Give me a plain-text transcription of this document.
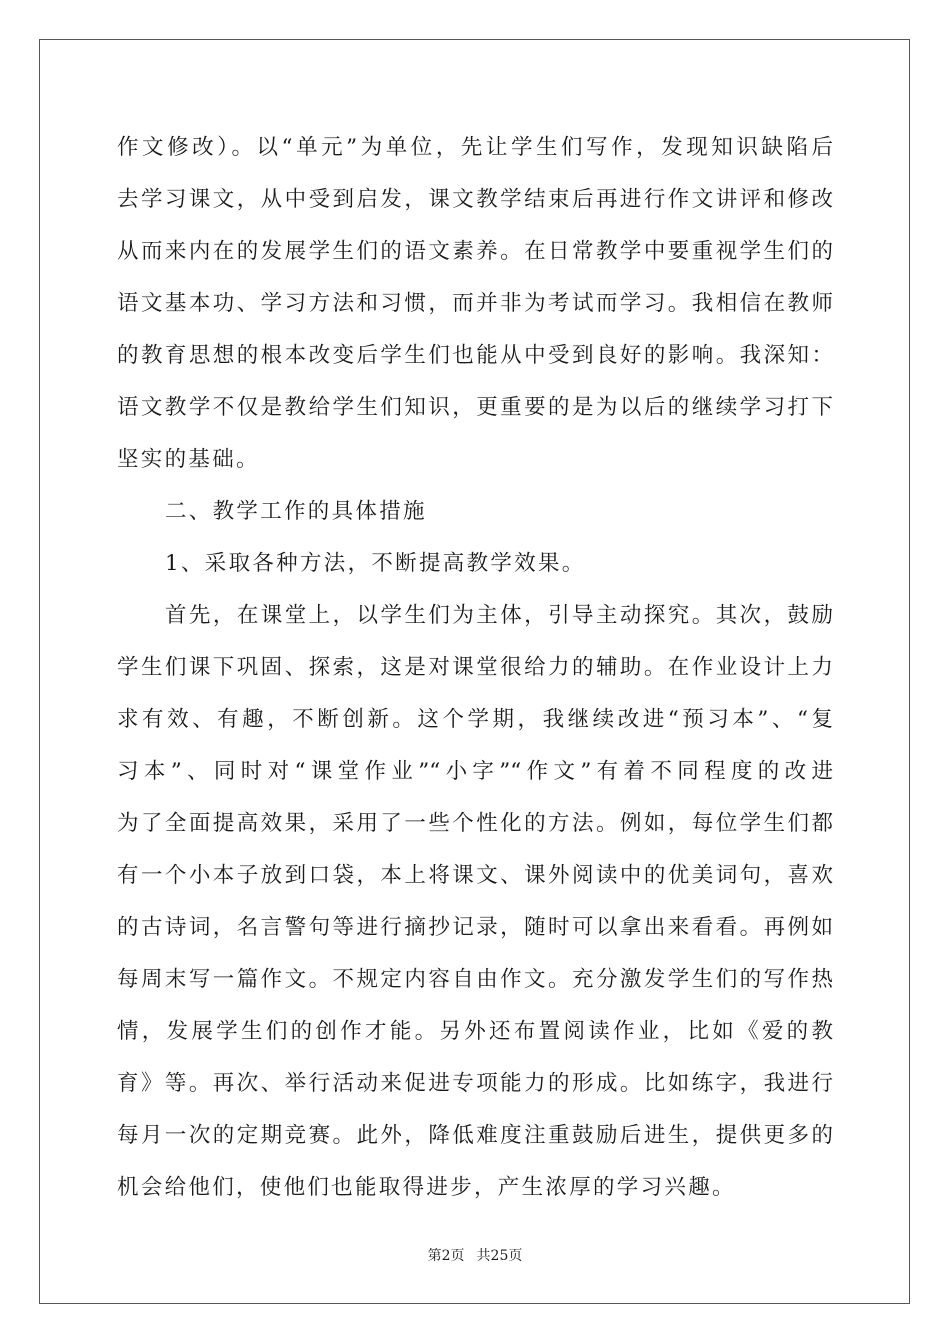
作文修改）。以“单元”为单位，先让学生们写作，发现知识缺陷后
去学习课文，从中受到启发，课文教学结束后再进行作文讲评和修改
从而来内在的发展学生们的语文素养。在日常教学中要重视学生们的
语文基本功、学习方法和习惯，而并非为考试而学习。我相信在教师
的教育思想的根本改变后学生们也能从中受到良好的影响。我深知：
语文教学不仅是教给学生们知识，更重要的是为以后的继续学习打下
坚实的基础。
二、教学工作的具体措施
1、采取各种方法，不断提高教学效果。
首先，在课堂上，以学生们为主体，引导主动探究。其次，鼓励
学生们课下巩固、探索，这是对课堂很给力的辅助。在作业设计上力
求有效、有趣，不断创新。这个学期，我继续改进“预习本”、“复
习本”、同时对“课堂作业”“小字”“作文”有着不同程度的改进
为了全面提高效果，采用了一些个性化的方法。例如，每位学生们都
有一个小本子放到口袋，本上将课文、课外阅读中的优美词句，喜欢
的古诗词，名言警句等进行摘抄记录，随时可以拿出来看看。再例如
每周末写一篇作文。不规定内容自由作文。充分激发学生们的写作热
情，发展学生们的创作才能。另外还布置阅读作业，比如《爱的教
育》等。再次、举行活动来促进专项能力的形成。比如练字，我进行
每月一次的定期竞赛。此外，降低难度注重鼓励后进生，提供更多的
机会给他们，使他们也能取得进步，产生浓厚的学习兴趣。
第2页 共25页
